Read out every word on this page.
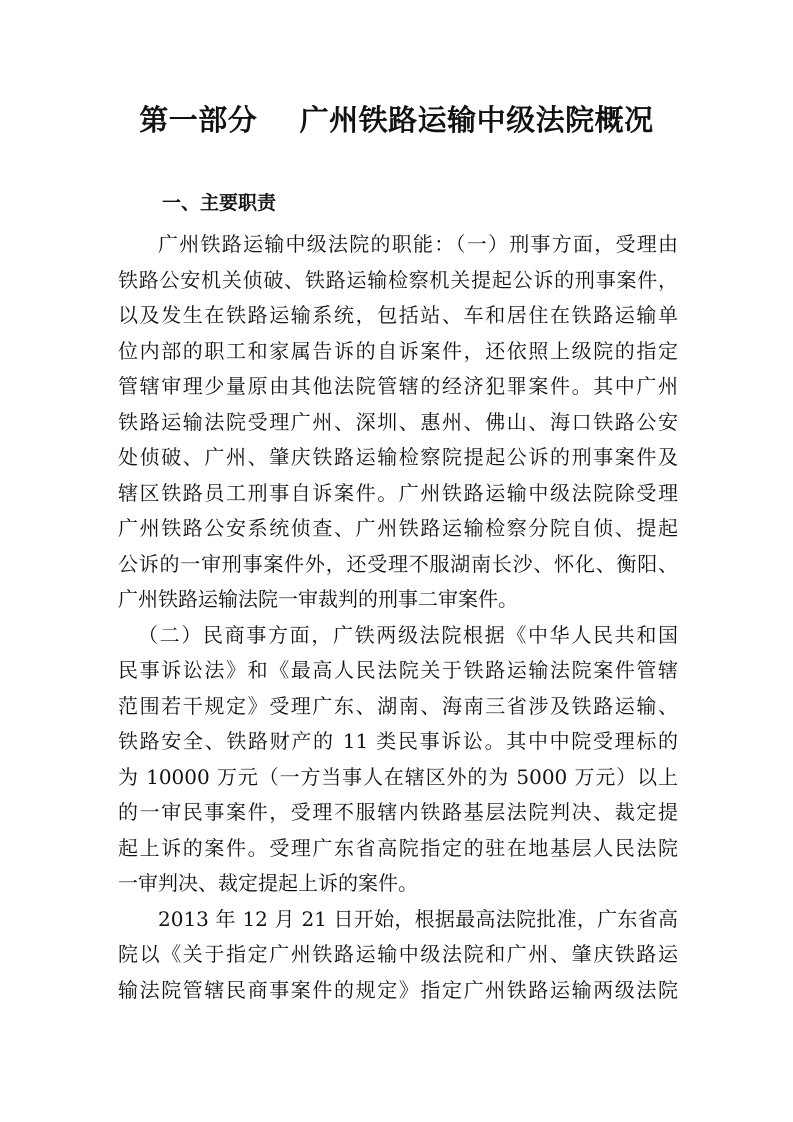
第一部分    广州铁路运输中级法院概况
一、主要职责
广州铁路运输中级法院的职能：（一）刑事方面，受理由
铁路公安机关侦破、铁路运输检察机关提起公诉的刑事案件，
以及发生在铁路运输系统，包括站、车和居住在铁路运输单
位内部的职工和家属告诉的自诉案件，还依照上级院的指定
管辖审理少量原由其他法院管辖的经济犯罪案件。其中广州
铁路运输法院受理广州、深圳、惠州、佛山、海口铁路公安
处侦破、广州、肇庆铁路运输检察院提起公诉的刑事案件及
辖区铁路员工刑事自诉案件。广州铁路运输中级法院除受理
广州铁路公安系统侦查、广州铁路运输检察分院自侦、提起
公诉的一审刑事案件外，还受理不服湖南长沙、怀化、衡阳、
广州铁路运输法院一审裁判的刑事二审案件。
（二）民商事方面，广铁两级法院根据《中华人民共和国
民事诉讼法》和《最高人民法院关于铁路运输法院案件管辖
范围若干规定》受理广东、湖南、海南三省涉及铁路运输、
铁路安全、铁路财产的 11 类民事诉讼。其中中院受理标的
为 10000 万元（一方当事人在辖区外的为 5000 万元）以上
的一审民事案件，受理不服辖内铁路基层法院判决、裁定提
起上诉的案件。受理广东省高院指定的驻在地基层人民法院
一审判决、裁定提起上诉的案件。
2013 年 12 月 21 日开始，根据最高法院批准，广东省高
院以《关于指定广州铁路运输中级法院和广州、肇庆铁路运
输法院管辖民商事案件的规定》指定广州铁路运输两级法院
